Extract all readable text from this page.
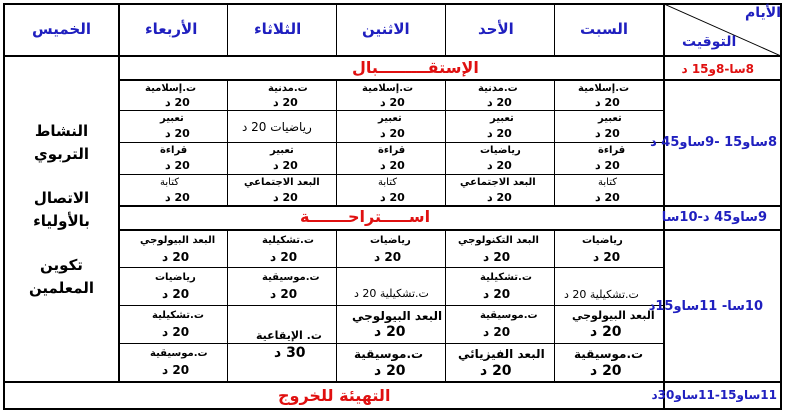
الأيام
التوقيت
السبت
الأحد
الاثنين
الثلاثاء
الأربعاء
الخميس
الإستقـــــــــبال
اســـــتراحـــــــة
التهيئة للخروج
8سا-8و15 د
8ساو15 -9ساو45 د
9ساو45 د-10سا
10سا- 11ساو15د
11ساو15-11ساو30د
النشاط
التربوي
الاتصال
بالأولياء
تكوين
المعلمين
ت.إسلامية
20 د
تعبير
20 د
قراءة
20 د
كتابة
20 د
ت.مدنية
20 د
تعبير
20 د
رياضيات
20 د
البعد الاجتماعي
20 د
ت.إسلامية
20 د
تعبير
20 د
قراءة
20 د
كتابة
20 د
ت.مدنية
20 د
رياضيات 20 د
تعبير
20 د
البعد الاجتماعي
20 د
ت.إسلامية
20 د
تعبير
20 د
قراءة
20 د
كتابة
20 د
رياضيات
20 د
ت.تشكيلية 20 د
البعد البيولوجي
20 د
ت.موسيقية
20 د
البعد التكنولوجي
20 د
ت.تشكيلية
20 د
ت.موسيقية
20 د
البعد الفيزيائي
20 د
رياضيات
20 د
ت.تشكيلية 20 د
البعد البيولوجي
20 د
ت.موسيقية
20 د
ت.تشكيلية
20 د
ت.موسيقية
20 د
ت. الإيقاعية
30 د
البعد البيولوجي
20 د
رياضيات
20 د
ت.تشكيلية
20 د
ت.موسيقية
20 د
